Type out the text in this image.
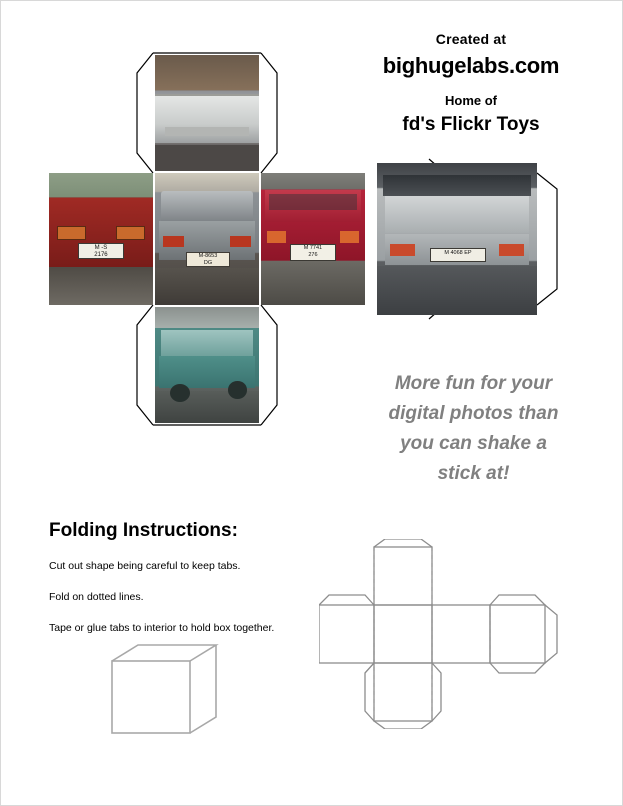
Created at
bighugelabs.com
Home of
fd's Flickr Toys
More fun for your
digital photos than
you can shake a
stick at!
M -S
2176	M-8653
DG
M 7741
276	M 4068 EP
Folding Instructions:
Cut out shape being careful to keep tabs.
Fold on dotted lines.
Tape or glue tabs to interior to hold box together.
